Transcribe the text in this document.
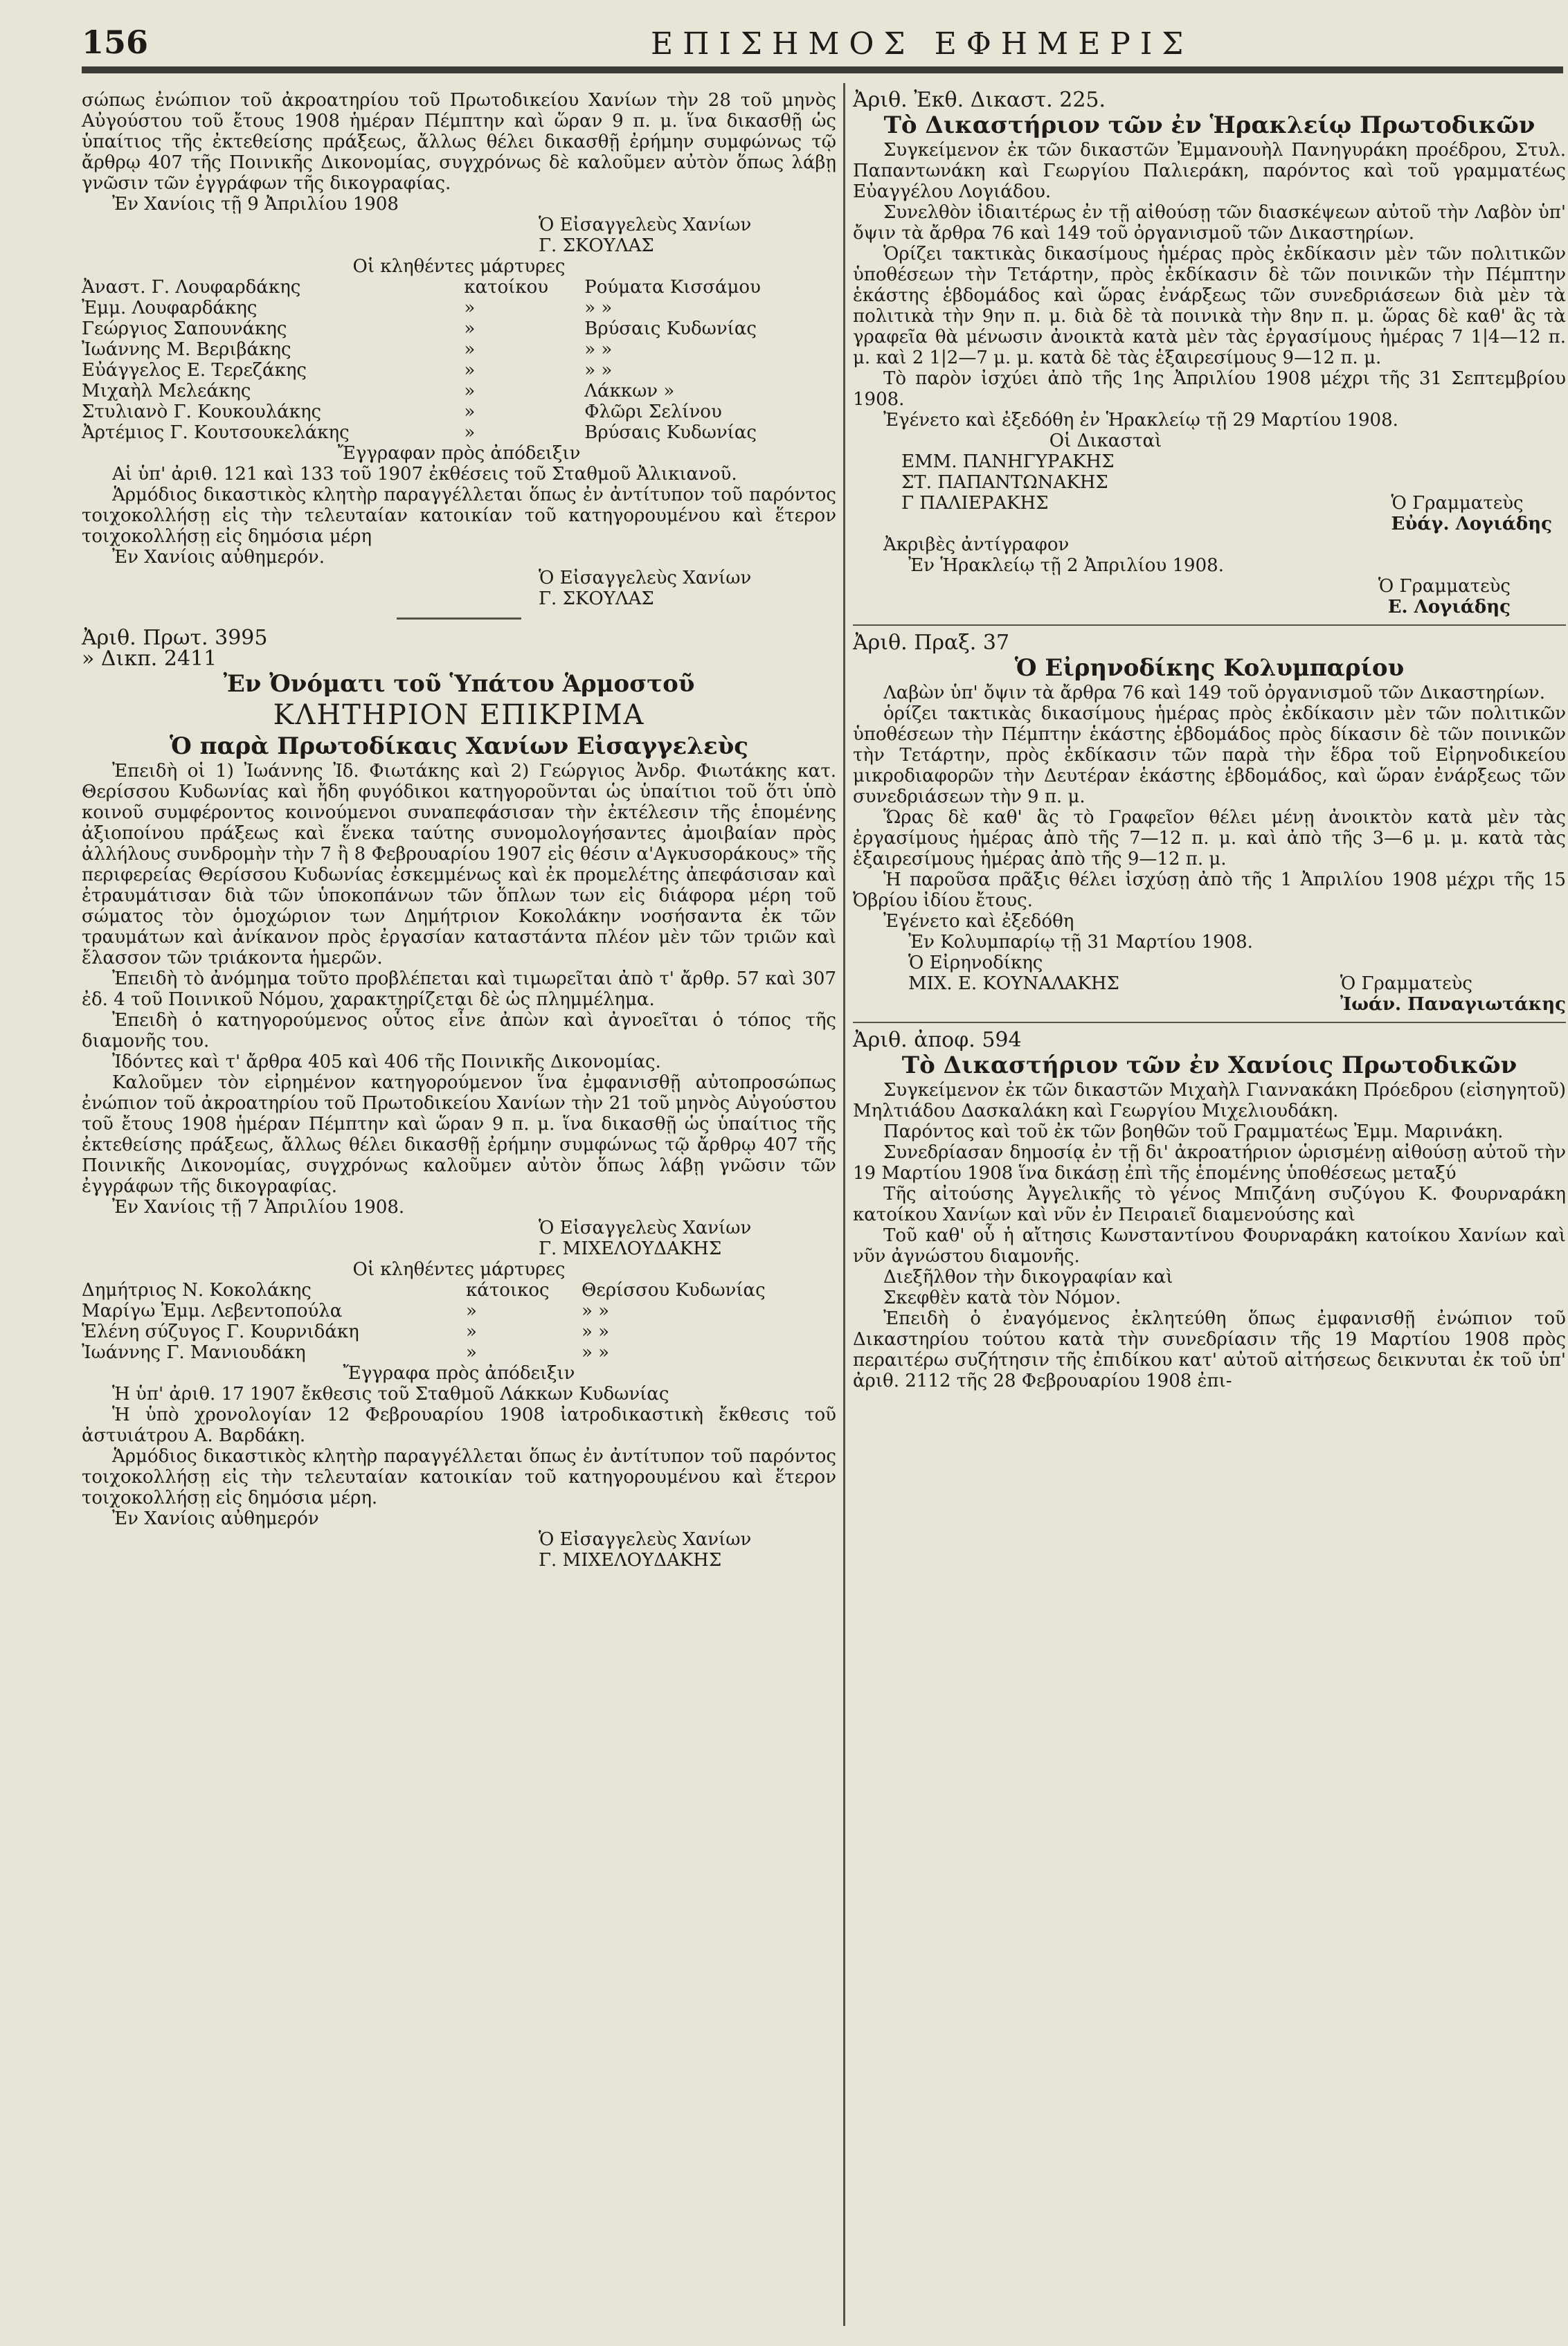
156	ΕΠΙΣΗΜΟΣ ΕΦΗΜΕΡΙΣ

σώπως ἐνώπιον τοῦ ἀκροατηρίου τοῦ Πρωτοδικείου Χανίων τὴν 28 τοῦ μηνὸς Αὐγούστου τοῦ ἔτους 1908 ἡμέραν Πέμπτην καὶ ὥραν 9 π. μ. ἵνα δικασθῇ ὡς ὑπαίτιος τῆς ἐκτεθείσης πράξεως, ἄλλως θέλει δικασθῇ ἐρήμην συμφώνως τῷ ἄρθρῳ 407 τῆς Ποινικῆς Δικονομίας, συγχρόνως δὲ καλοῦμεν αὐτὸν ὅπως λάβῃ γνῶσιν τῶν ἐγγράφων τῆς δικογραφίας.

Ἐν Χανίοις τῇ 9 Ἀπριλίου 1908

Ὁ Εἰσαγγελεὺς Χανίων

Γ. ΣΚΟΥΛΑΣ

Οἱ κληθέντες μάρτυρες

Ἀναστ. Γ. Λουφαρδάκης	κατοίκου	Ρούματα Κισσάμου
Ἐμμ. Λουφαρδάκης	»	» »
Γεώργιος Σαπουνάκης	»	Βρύσαις Κυδωνίας
Ἰωάννης Μ. Βεριβάκης	»	» »
Εὐάγγελος Ε. Τερεζάκης	»	» »
Μιχαὴλ Μελεάκης	»	Λάκκων »
Στυλιανὸ Γ. Κουκουλάκης	»	Φλῶρι Σελίνου
Ἀρτέμιος Γ. Κουτσουκελάκης	»	Βρύσαις Κυδωνίας

Ἔγγραφαν πρὸς ἀπόδειξιν

Αἱ ὑπ' ἀριθ. 121 καὶ 133 τοῦ 1907 ἐκθέσεις τοῦ Σταθμοῦ Ἀλικιανοῦ.

Ἁρμόδιος δικαστικὸς κλητὴρ παραγγέλλεται ὅπως ἐν ἀντίτυπον τοῦ παρόντος τοιχοκολλήσῃ εἰς τὴν τελευταίαν κατοικίαν τοῦ κατηγορουμένου καὶ ἕτερον τοιχοκολλήσῃ εἰς δημόσια μέρη

Ἐν Χανίοις αὐθημερόν.

Ὁ Εἰσαγγελεὺς Χανίων

Γ. ΣΚΟΥΛΑΣ

Ἀριθ. Πρωτ. 3995

» Δικπ. 2411

Ἐν Ὀνόματι τοῦ Ὑπάτου Ἁρμοστοῦ

ΚΛΗΤΗΡΙΟΝ ΕΠΙΚΡΙΜΑ

Ὁ παρὰ Πρωτοδίκαις Χανίων Εἰσαγγελεὺς

Ἐπειδὴ οἱ 1) Ἰωάννης Ἰδ. Φιωτάκης καὶ 2) Γεώργιος Ἀνδρ. Φιωτάκης κατ. Θερίσσου Κυδωνίας καὶ ἤδη φυγόδικοι κατηγοροῦνται ὡς ὑπαίτιοι τοῦ ὅτι ὑπὸ κοινοῦ συμφέροντος κοινούμενοι συναπεφάσισαν τὴν ἐκτέλεσιν τῆς ἑπομένης ἀξιοποίνου πράξεως καὶ ἕνεκα ταύτης συνομολογήσαντες ἀμοιβαίαν πρὸς ἀλλήλους συνδρομὴν τὴν 7 ἢ 8 Φεβρουαρίου 1907 εἰς θέσιν α'Αγκυσοράκους» τῆς περιφερείας Θερίσσου Κυδωνίας ἐσκεμμένως καὶ ἐκ προμελέτης ἀπεφάσισαν καὶ ἐτραυμάτισαν διὰ τῶν ὑποκοπάνων τῶν ὅπλων των εἰς διάφορα μέρη τοῦ σώματος τὸν ὁμοχώριον των Δημήτριον Κοκολάκην νοσήσαντα ἐκ τῶν τραυμάτων καὶ ἀνίκανον πρὸς ἐργασίαν καταστάντα πλέον μὲν τῶν τριῶν καὶ ἔλασσον τῶν τριάκοντα ἡμερῶν.

Ἐπειδὴ τὸ ἀνόμημα τοῦτο προβλέπεται καὶ τιμωρεῖται ἀπὸ τ' ἄρθρ. 57 καὶ 307 ἐδ. 4 τοῦ Ποινικοῦ Νόμου, χαρακτηρίζεται δὲ ὡς πλημμέλημα.

Ἐπειδὴ ὁ κατηγορούμενος οὗτος εἶνε ἀπὼν καὶ ἀγνοεῖται ὁ τόπος τῆς διαμονῆς του.

Ἰδόντες καὶ τ' ἄρθρα 405 καὶ 406 τῆς Ποινικῆς Δικονομίας.

Καλοῦμεν τὸν εἰρημένον κατηγορούμενον ἵνα ἐμφανισθῇ αὐτοπροσώπως ἐνώπιον τοῦ ἀκροατηρίου τοῦ Πρωτοδικείου Χανίων τὴν 21 τοῦ μηνὸς Αὐγούστου τοῦ ἔτους 1908 ἡμέραν Πέμπτην καὶ ὥραν 9 π. μ. ἵνα δικασθῇ ὡς ὑπαίτιος τῆς ἐκτεθείσης πράξεως, ἄλλως θέλει δικασθῇ ἐρήμην συμφώνως τῷ ἄρθρῳ 407 τῆς Ποινικῆς Δικονομίας, συγχρόνως καλοῦμεν αὐτὸν ὅπως λάβῃ γνῶσιν τῶν ἐγγράφων τῆς δικογραφίας.

Ἐν Χανίοις τῇ 7 Ἀπριλίου 1908.

Ὁ Εἰσαγγελεὺς Χανίων

Γ. ΜΙΧΕΛΟΥΔΑΚΗΣ

Οἱ κληθέντες μάρτυρες

Δημήτριος Ν. Κοκολάκης	κάτοικος	Θερίσσου Κυδωνίας
Μαρίγω Ἐμμ. Λεβεντοπούλα	»	» »
Ἑλένη σύζυγος Γ. Κουρνιδάκη	»	» »
Ἰωάννης Γ. Μανιουδάκη	»	» »

Ἔγγραφα πρὸς ἀπόδειξιν

Ἡ ὑπ' ἀριθ. 17 1907 ἔκθεσις τοῦ Σταθμοῦ Λάκκων Κυδωνίας

Ἡ ὑπὸ χρονολογίαν 12 Φεβρουαρίου 1908 ἰατροδικαστικὴ ἔκθεσις τοῦ ἀστυιάτρου Α. Βαρδάκη.

Ἁρμόδιος δικαστικὸς κλητὴρ παραγγέλλεται ὅπως ἐν ἀντίτυπον τοῦ παρόντος τοιχοκολλήσῃ εἰς τὴν τελευταίαν κατοικίαν τοῦ κατηγορουμένου καὶ ἕτερον τοιχοκολλήσῃ εἰς δημόσια μέρη.

Ἐν Χανίοις αὐθημερόν

Ὁ Εἰσαγγελεὺς Χανίων

Γ. ΜΙΧΕΛΟΥΔΑΚΗΣ

Ἀριθ. Ἐκθ. Δικαστ. 225.

Τὸ Δικαστήριον τῶν ἐν Ἡρακλείῳ Πρωτοδικῶν

Συγκείμενον ἐκ τῶν δικαστῶν Ἐμμανουὴλ Πανηγυράκη προέδρου, Στυλ. Παπαντωνάκη καὶ Γεωργίου Παλιεράκη, παρόντος καὶ τοῦ γραμματέως Εὐαγγέλου Λογιάδου.

Συνελθὸν ἰδιαιτέρως ἐν τῇ αἰθούσῃ τῶν διασκέψεων αὐτοῦ τὴν Λαβὸν ὑπ' ὄψιν τὰ ἄρθρα 76 καὶ 149 τοῦ ὀργανισμοῦ τῶν Δικαστηρίων.

Ὁρίζει τακτικὰς δικασίμους ἡμέρας πρὸς ἐκδίκασιν μὲν τῶν πολιτικῶν ὑποθέσεων τὴν Τετάρτην, πρὸς ἐκδίκασιν δὲ τῶν ποινικῶν τὴν Πέμπτην ἑκάστης ἑβδομάδος καὶ ὥρας ἐνάρξεως τῶν συνεδριάσεων διὰ μὲν τὰ πολιτικὰ τὴν 9ην π. μ. διὰ δὲ τὰ ποινικὰ τὴν 8ην π. μ. ὥρας δὲ καθ' ἃς τὰ γραφεῖα θὰ μένωσιν ἀνοικτὰ κατὰ μὲν τὰς ἐργασίμους ἡμέρας 7 1|4—12 π. μ. καὶ 2 1|2—7 μ. μ. κατὰ δὲ τὰς ἑξαιρεσίμους 9—12 π. μ.

Τὸ παρὸν ἰσχύει ἀπὸ τῆς 1ης Ἀπριλίου 1908 μέχρι τῆς 31 Σεπτεμβρίου 1908.

Ἐγένετο καὶ ἐξεδόθη ἐν Ἡρακλείῳ τῇ 29 Μαρτίου 1908.

Οἱ Δικασταὶ

ΕΜΜ. ΠΑΝΗΓΥΡΑΚΗΣ

ΣΤ. ΠΑΠΑΝΤΩΝΑΚΗΣ

Γ ΠΑΛΙΕΡΑΚΗΣ	Ὁ Γραμματεὺς

Εὐάγ. Λογιάδης

Ἀκριβὲς ἀντίγραφον

Ἐν Ἡρακλείῳ τῇ 2 Ἀπριλίου 1908.

Ὁ Γραμματεὺς

Ε. Λογιάδης

Ἀριθ. Πραξ. 37

Ὁ Εἰρηνοδίκης Κολυμπαρίου

Λαβὼν ὑπ' ὄψιν τὰ ἄρθρα 76 καὶ 149 τοῦ ὀργανισμοῦ τῶν Δικαστηρίων.

ὁρίζει τακτικὰς δικασίμους ἡμέρας πρὸς ἐκδίκασιν μὲν τῶν πολιτικῶν ὑποθέσεων τὴν Πέμπτην ἑκάστης ἑβδομάδος πρὸς δίκασιν δὲ τῶν ποινικῶν τὴν Τετάρτην, πρὸς ἐκδίκασιν τῶν παρὰ τὴν ἕδρα τοῦ Εἰρηνοδικείου μικροδιαφορῶν τὴν Δευτέραν ἑκάστης ἑβδομάδος, καὶ ὥραν ἐνάρξεως τῶν συνεδριάσεων τὴν 9 π. μ.

Ὥρας δὲ καθ' ἃς τὸ Γραφεῖον θέλει μένῃ ἀνοικτὸν κατὰ μὲν τὰς ἐργασίμους ἡμέρας ἀπὸ τῆς 7—12 π. μ. καὶ ἀπὸ τῆς 3—6 μ. μ. κατὰ τὰς ἑξαιρεσίμους ἡμέρας ἀπὸ τῆς 9—12 π. μ.

Ἡ παροῦσα πρᾶξις θέλει ἰσχύσῃ ἀπὸ τῆς 1 Ἀπριλίου 1908 μέχρι τῆς 15 Ὀβρίου ἰδίου ἔτους.

Ἐγένετο καὶ ἐξεδόθη

Ἐν Κολυμπαρίῳ τῇ 31 Μαρτίου 1908.

Ὁ Εἰρηνοδίκης

ΜΙΧ. Ε. ΚΟΥΝΑΛΑΚΗΣ	Ὁ Γραμματεὺς

Ἰωάν. Παναγιωτάκης

Ἀριθ. ἀποφ. 594

Τὸ Δικαστήριον τῶν ἐν Χανίοις Πρωτοδικῶν

Συγκείμενον ἐκ τῶν δικαστῶν Μιχαὴλ Γιαννακάκη Πρόεδρου (εἰσηγητοῦ) Μηλτιάδου Δασκαλάκη καὶ Γεωργίου Μιχελιουδάκη.

Παρόντος καὶ τοῦ ἐκ τῶν βοηθῶν τοῦ Γραμματέως Ἐμμ. Μαρινάκη.

Συνεδρίασαν δημοσίᾳ ἐν τῇ δι' ἀκροατήριον ὡρισμένῃ αἰθούσῃ αὐτοῦ τὴν 19 Μαρτίου 1908 ἵνα δικάσῃ ἐπὶ τῆς ἑπομένης ὑποθέσεως μεταξύ

Τῆς αἰτούσης Ἀγγελικῆς τὸ γένος Μπιζάνη συζύγου Κ. Φουρναράκη κατοίκου Χανίων καὶ νῦν ἐν Πειραιεῖ διαμενούσης καὶ

Τοῦ καθ' οὗ ἡ αἴτησις Κωνσταντίνου Φουρναράκη κατοίκου Χανίων καὶ νῦν ἀγνώστου διαμονῆς.

Διεξῆλθον τὴν δικογραφίαν καὶ

Σκεφθὲν κατὰ τὸν Νόμον.

Ἐπειδὴ ὁ ἐναγόμενος ἐκλητεύθη ὅπως ἐμφανισθῇ ἐνώπιον τοῦ Δικαστηρίου τούτου κατὰ τὴν συνεδρίασιν τῆς 19 Μαρτίου 1908 πρὸς περαιτέρω συζήτησιν τῆς ἐπιδίκου κατ' αὐτοῦ αἰτήσεως δεικνυται ἐκ τοῦ ὑπ' ἀριθ. 2112 τῆς 28 Φεβρουαρίου 1908 ἐπι-
